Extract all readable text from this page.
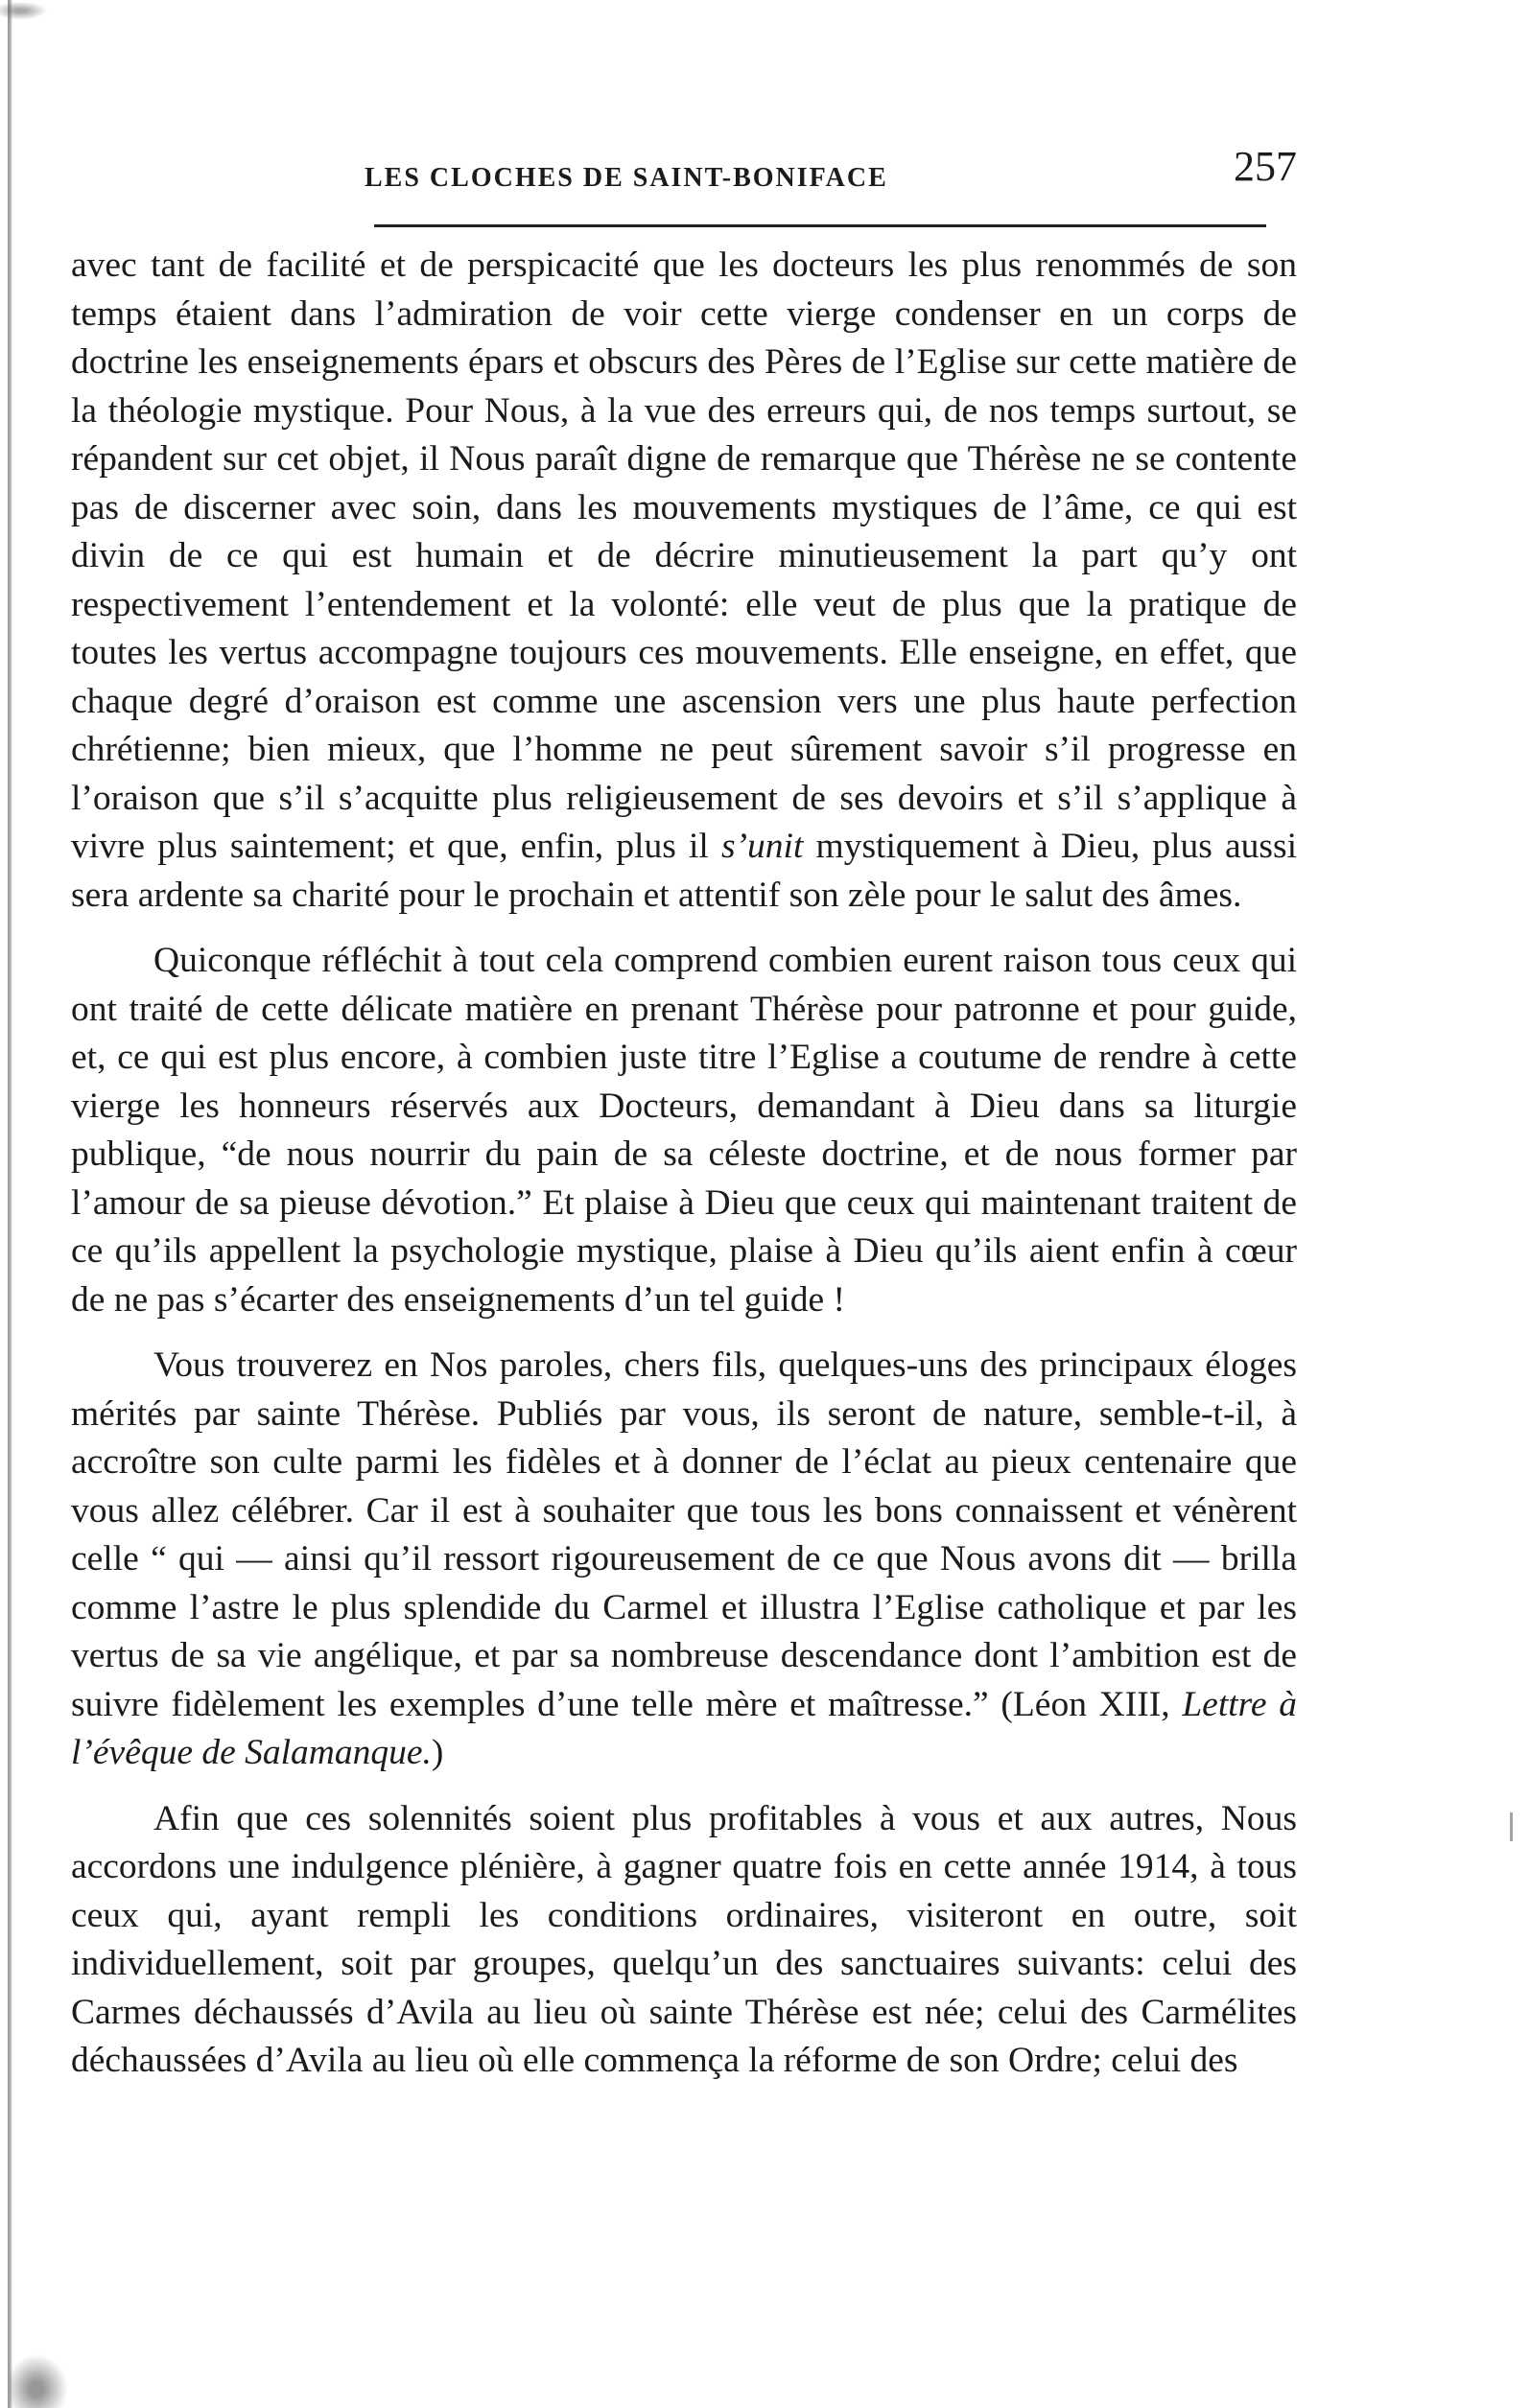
LES CLOCHES DE SAINT-BONIFACE	257

avec tant de facilité et de perspicacité que les docteurs les plus renommés de son temps étaient dans l’admiration de voir cette vierge condenser en un corps de doctrine les enseignements épars et obscurs des Pères de l’Eglise sur cette matière de la théologie mystique. Pour Nous, à la vue des erreurs qui, de nos temps surtout, se répandent sur cet objet, il Nous paraît digne de remarque que Thérèse ne se contente pas de discerner avec soin, dans les mouvements mystiques de l’âme, ce qui est divin de ce qui est humain et de décrire minutieusement la part qu’y ont respectivement l’entendement et la volonté: elle veut de plus que la pratique de toutes les vertus accompagne toujours ces mouvements. Elle enseigne, en effet, que chaque degré d’oraison est comme une ascension vers une plus haute perfection chrétienne; bien mieux, que l’homme ne peut sûrement savoir s’il progresse en l’oraison que s’il s’acquitte plus religieusement de ses devoirs et s’il s’applique à vivre plus saintement; et que, enfin, plus il s’unit mystiquement à Dieu, plus aussi sera ardente sa charité pour le prochain et attentif son zèle pour le salut des âmes.

Quiconque réfléchit à tout cela comprend combien eurent raison tous ceux qui ont traité de cette délicate matière en prenant Thérèse pour patronne et pour guide, et, ce qui est plus encore, à combien juste titre l’Eglise a coutume de rendre à cette vierge les honneurs réservés aux Docteurs, demandant à Dieu dans sa liturgie publique, “de nous nourrir du pain de sa céleste doctrine, et de nous former par l’amour de sa pieuse dévotion.” Et plaise à Dieu que ceux qui maintenant traitent de ce qu’ils appellent la psychologie mystique, plaise à Dieu qu’ils aient enfin à cœur de ne pas s’écarter des enseignements d’un tel guide !

Vous trouverez en Nos paroles, chers fils, quelques-uns des principaux éloges mérités par sainte Thérèse. Publiés par vous, ils seront de nature, semble-t-il, à accroître son culte parmi les fidèles et à donner de l’éclat au pieux centenaire que vous allez célébrer. Car il est à souhaiter que tous les bons connaissent et vénèrent celle “ qui — ainsi qu’il ressort rigoureusement de ce que Nous avons dit — brilla comme l’astre le plus splendide du Carmel et illustra l’Eglise catholique et par les vertus de sa vie angélique, et par sa nombreuse descendance dont l’ambition est de suivre fidèlement les exemples d’une telle mère et maîtresse.” (Léon XIII, Lettre à l’évêque de Salamanque.)

Afin que ces solennités soient plus profitables à vous et aux autres, Nous accordons une indulgence plénière, à gagner quatre fois en cette année 1914, à tous ceux qui, ayant rempli les conditions ordinaires, visiteront en outre, soit individuellement, soit par groupes, quelqu’un des sanctuaires suivants: celui des Carmes déchaussés d’Avila au lieu où sainte Thérèse est née; celui des Carmélites déchaussées d’Avila au lieu où elle commença la réforme de son Ordre; celui des
